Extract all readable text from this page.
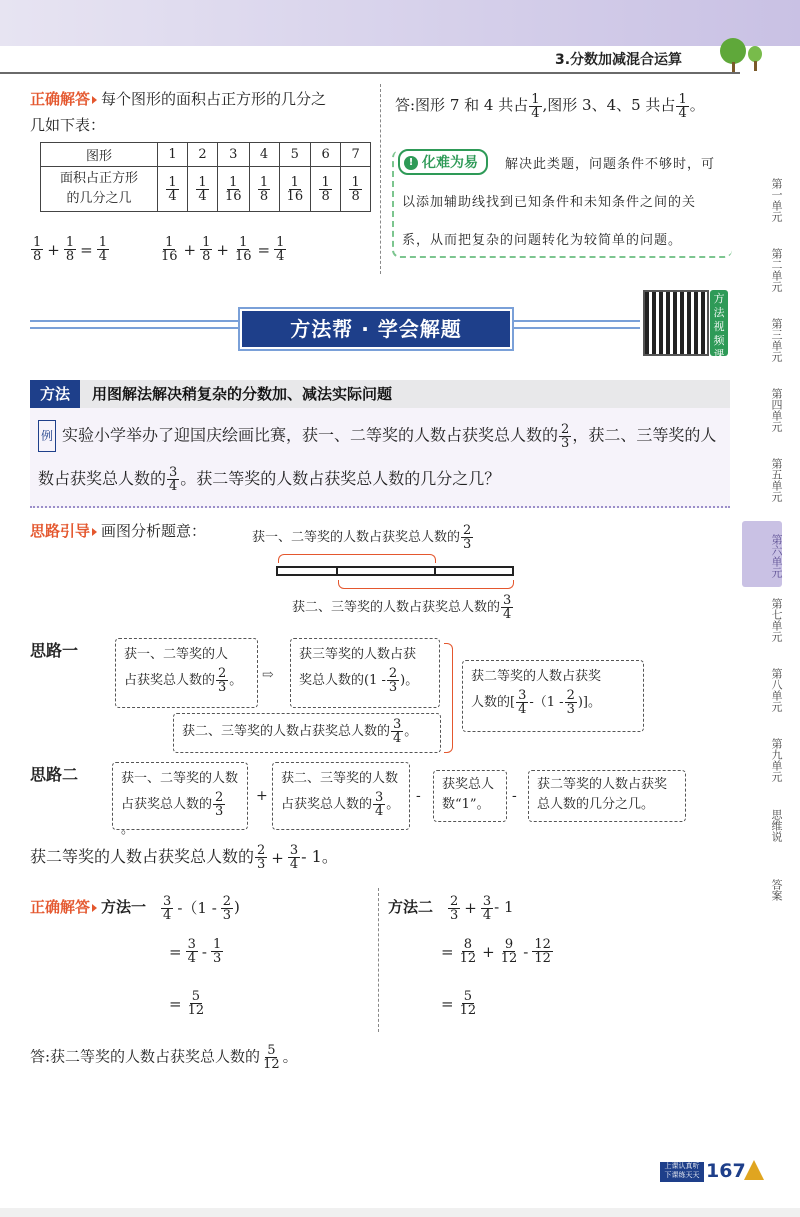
3.分数加减混合运算
第一单元
第二单元
第三单元
第四单元
第五单元
第六单元
第七单元
第八单元
第九单元
思维说
答案
正确解答 每个图形的面积占正方形的几分之
几如下表：
图形	1	2	3	4	5	6	7
面积占正方形
的几分之几	$\frac{1}{4}$	$\frac{1}{4}$	$\frac{1}{16}$	$\frac{1}{8}$	$\frac{1}{16}$	$\frac{1}{8}$	$\frac{1}{8}$
$\frac{1}{8} + \frac{1}{8} = \frac{1}{4}$	$\frac{1}{16} + \frac{1}{8} + \frac{1}{16} = \frac{1}{4}$
答:图形 7 和 4 共占 $\frac{1}{4}$ ,图形 3、4、5 共占 $\frac{1}{4}$ 。
! 化难为易	解决此类题，问题条件不够时，可
以添加辅助线找到已知条件和未知条件之间的关
系，从而把复杂的问题转化为较简单的问题。
方法帮 · 学会解题
方法视频课
方法	用图解法解决稍复杂的分数加、减法实际问题
例 实验小学举办了迎国庆绘画比赛，获一、二等奖的人数占获奖总人数的 $\frac{2}{3}$ ，获二、三等奖的人
数占获奖总人数的 $\frac{3}{4}$ 。获二等奖的人数占获奖总人数的几分之几？
思路引导 画图分析题意：	获一、二等奖的人数占获奖总人数的 $\frac{2}{3}$
获二、三等奖的人数占获奖总人数的 $\frac{3}{4}$
思路一	获一、二等奖的人
占获奖总人数的 $\frac{2}{3}$ 。	⇨
获三等奖的人数占获
奖总人数的($1 - \frac{2}{3}$ )。
获二、三等奖的人数占获奖总人数的 $\frac{3}{4}$ 。
获二等奖的人数占获奖
人数的[ $\frac{3}{4} -(1 - \frac{2}{3}$ )]。
思路二	获一、二等奖的人数
占获奖总人数的 $\frac{2}{3}$
。
+
获二、三等奖的人数
占获奖总人数的 $\frac{3}{4}$ 。
-
获奖总人
数“1”。
-
获二等奖的人数占获奖
总人数的几分之几。
获二等奖的人数占获奖总人数的 $\frac{2}{3} + \frac{3}{4} - 1$。
正确解答 方法一 $\frac{3}{4} -(1 - \frac{2}{3}$ )
= $\frac{3}{4} - \frac{1}{3}$
= $\frac{5}{12}$
方法二 $\frac{2}{3} + \frac{3}{4} - 1$
= $\frac{8}{12} + \frac{9}{12} - \frac{12}{12}$
= $\frac{5}{12}$
答:获二等奖的人数占获奖总人数的 $\frac{5}{12}$ 。
上课认真听
下课练天天 167
